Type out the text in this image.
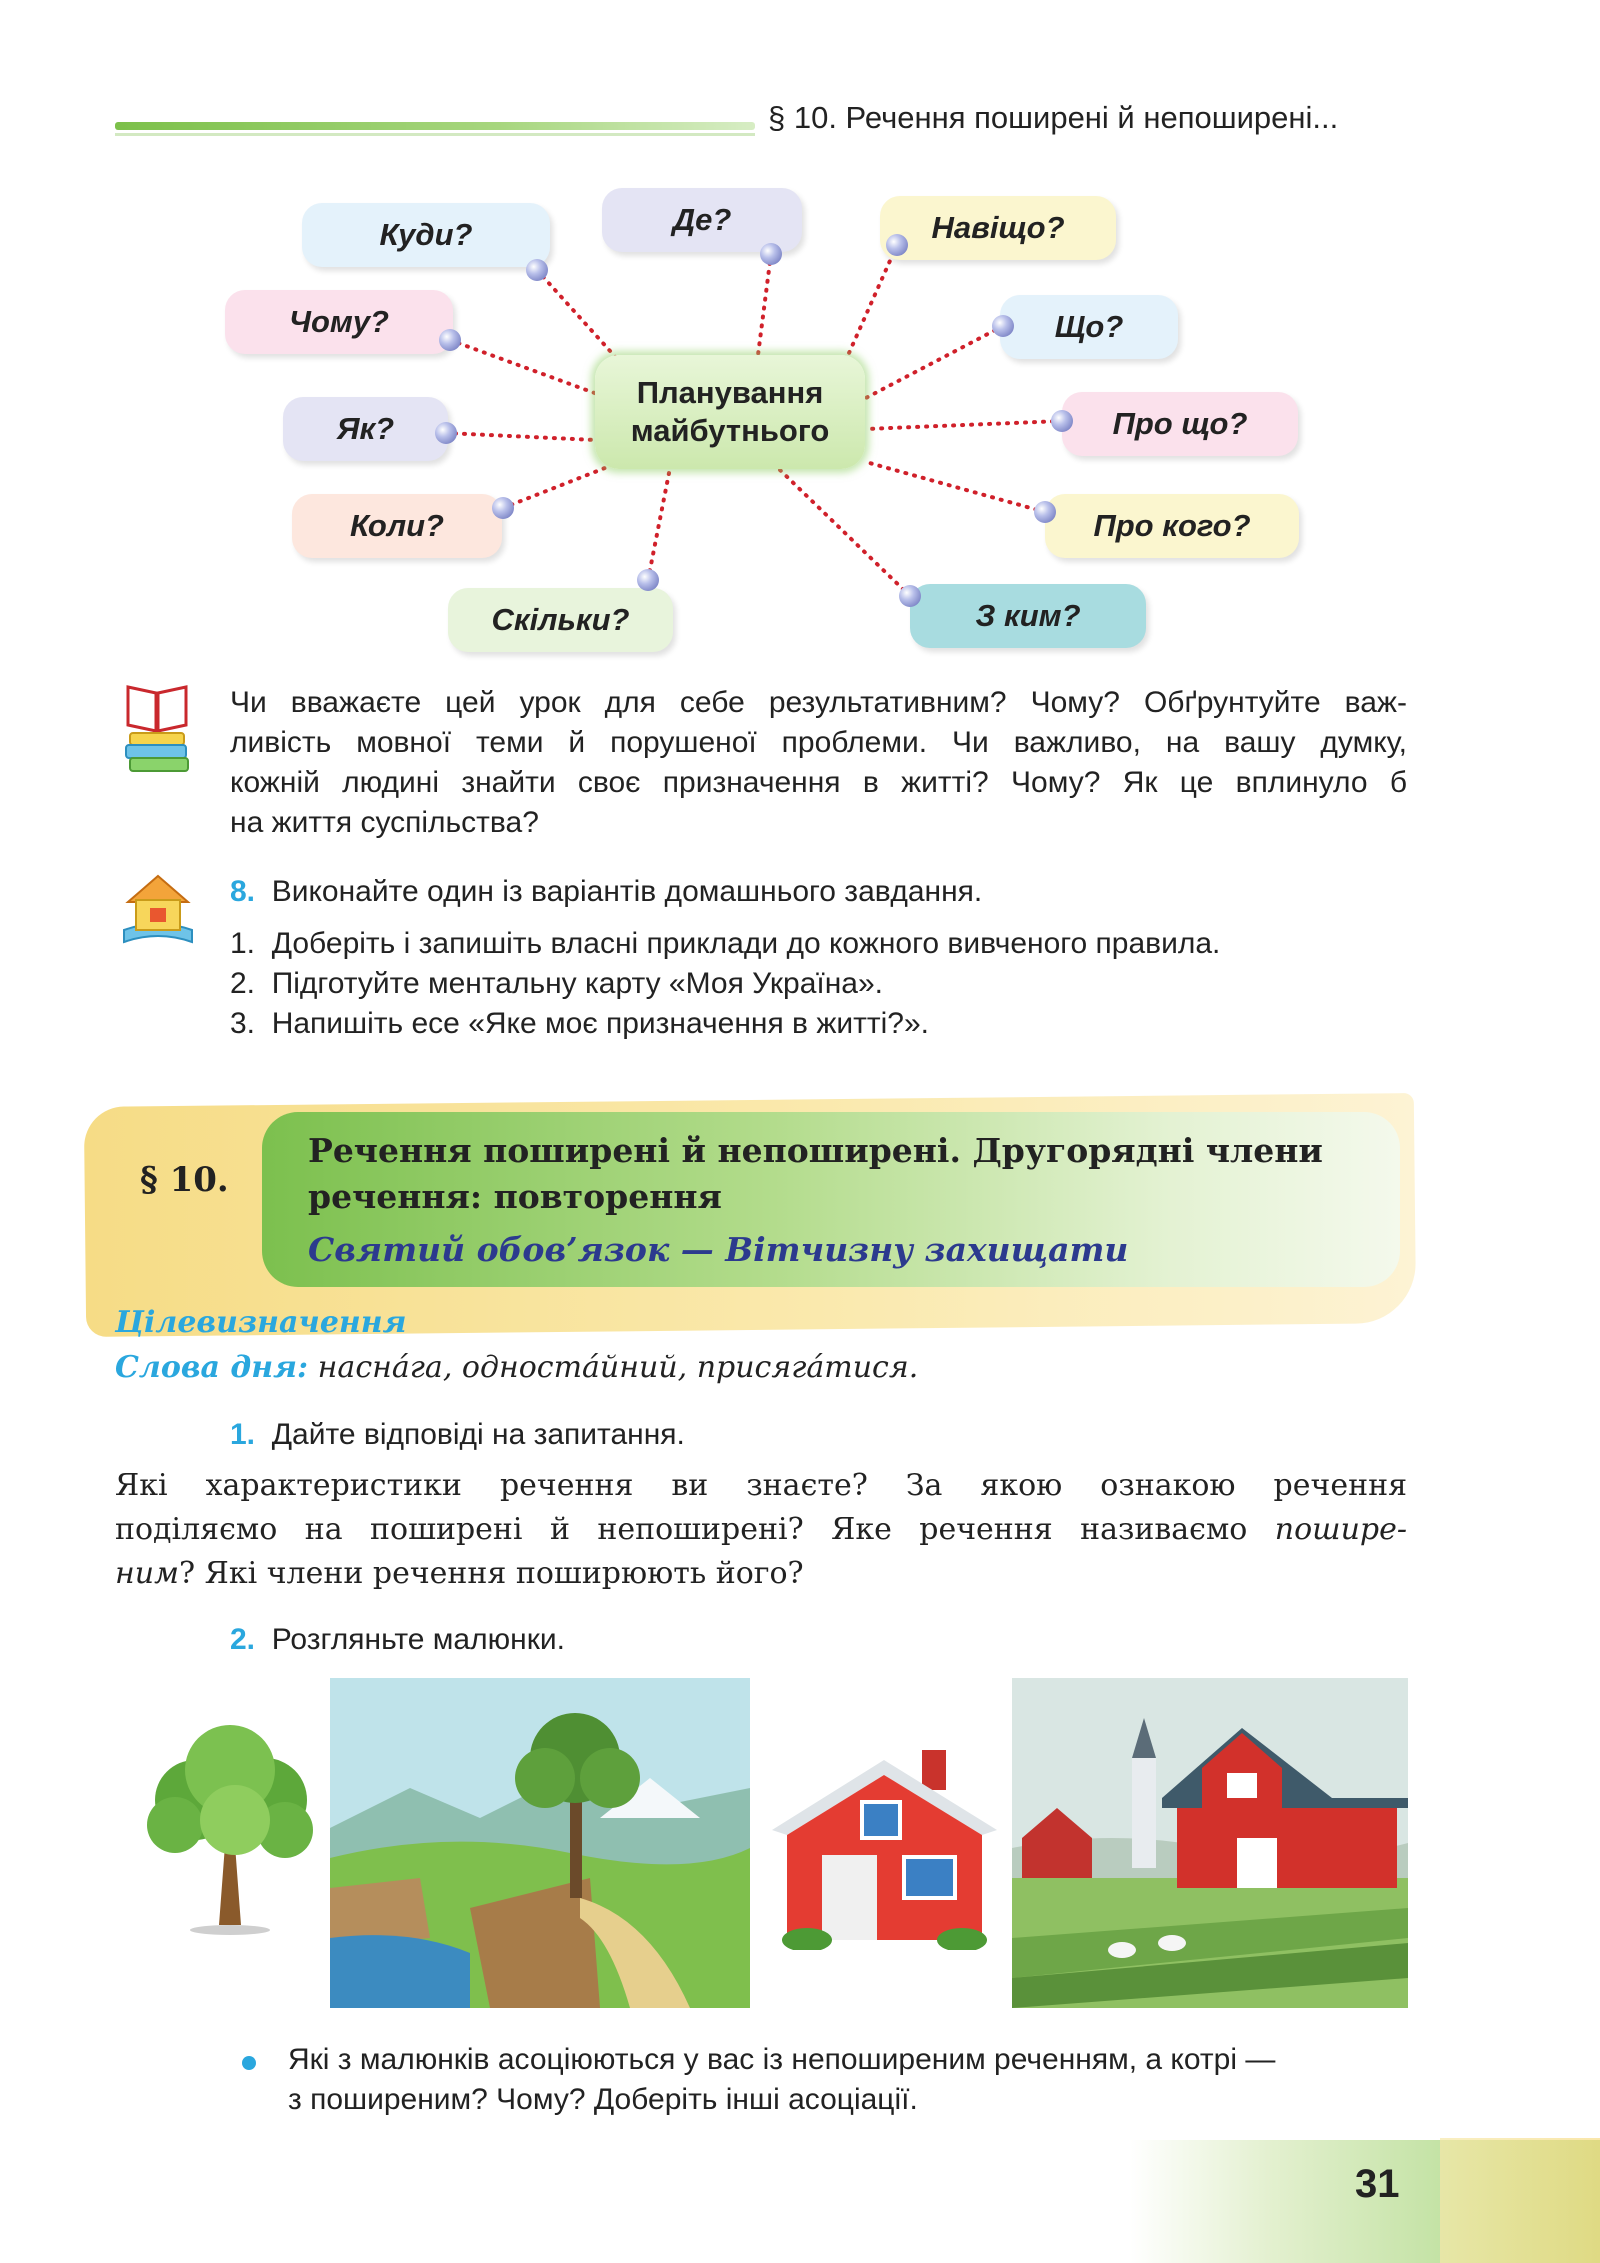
§ 10. Речення поширені й непоширені...
Планування
майбутнього
Куди?	Де?	Навіщо?
Чому?	Що?
Як?	Про що?
Коли?	Про кого?
Скільки?	З ким?
Чи вважаєте цей урок для себе результативним? Чому? Обґрунтуйте важ-
ливість мовної теми й порушеної проблеми. Чи важливо, на вашу думку,
кожній людині знайти своє призначення в житті? Чому? Як це вплинуло б
на життя суспільства?
8. Виконайте один із варіантів домашнього завдання.
1. Доберіть і запишіть власні приклади до кожного вивченого правила.
2. Підготуйте ментальну карту «Моя Україна».
3. Напишіть есе «Яке моє призначення в житті?».
§ 10.
Речення поширені й непоширені. Другорядні члени
речення: повторення
Святий обов’язок — Вітчизну захищати
Цілевизначення
Слова дня: насна́га, односта́йний, присяга́тися.
1. Дайте відповіді на запитання.
Які характеристики речення ви знаєте? За якою ознакою речення
поділяємо на поширені й непоширені? Яке речення називаємо пошире-
ним? Які члени речення поширюють його?
2. Розгляньте малюнки.
Які з малюнків асоціюються у вас із непоширеним реченням, а котрі —
з поширеним? Чому? Доберіть інші асоціації.
31
